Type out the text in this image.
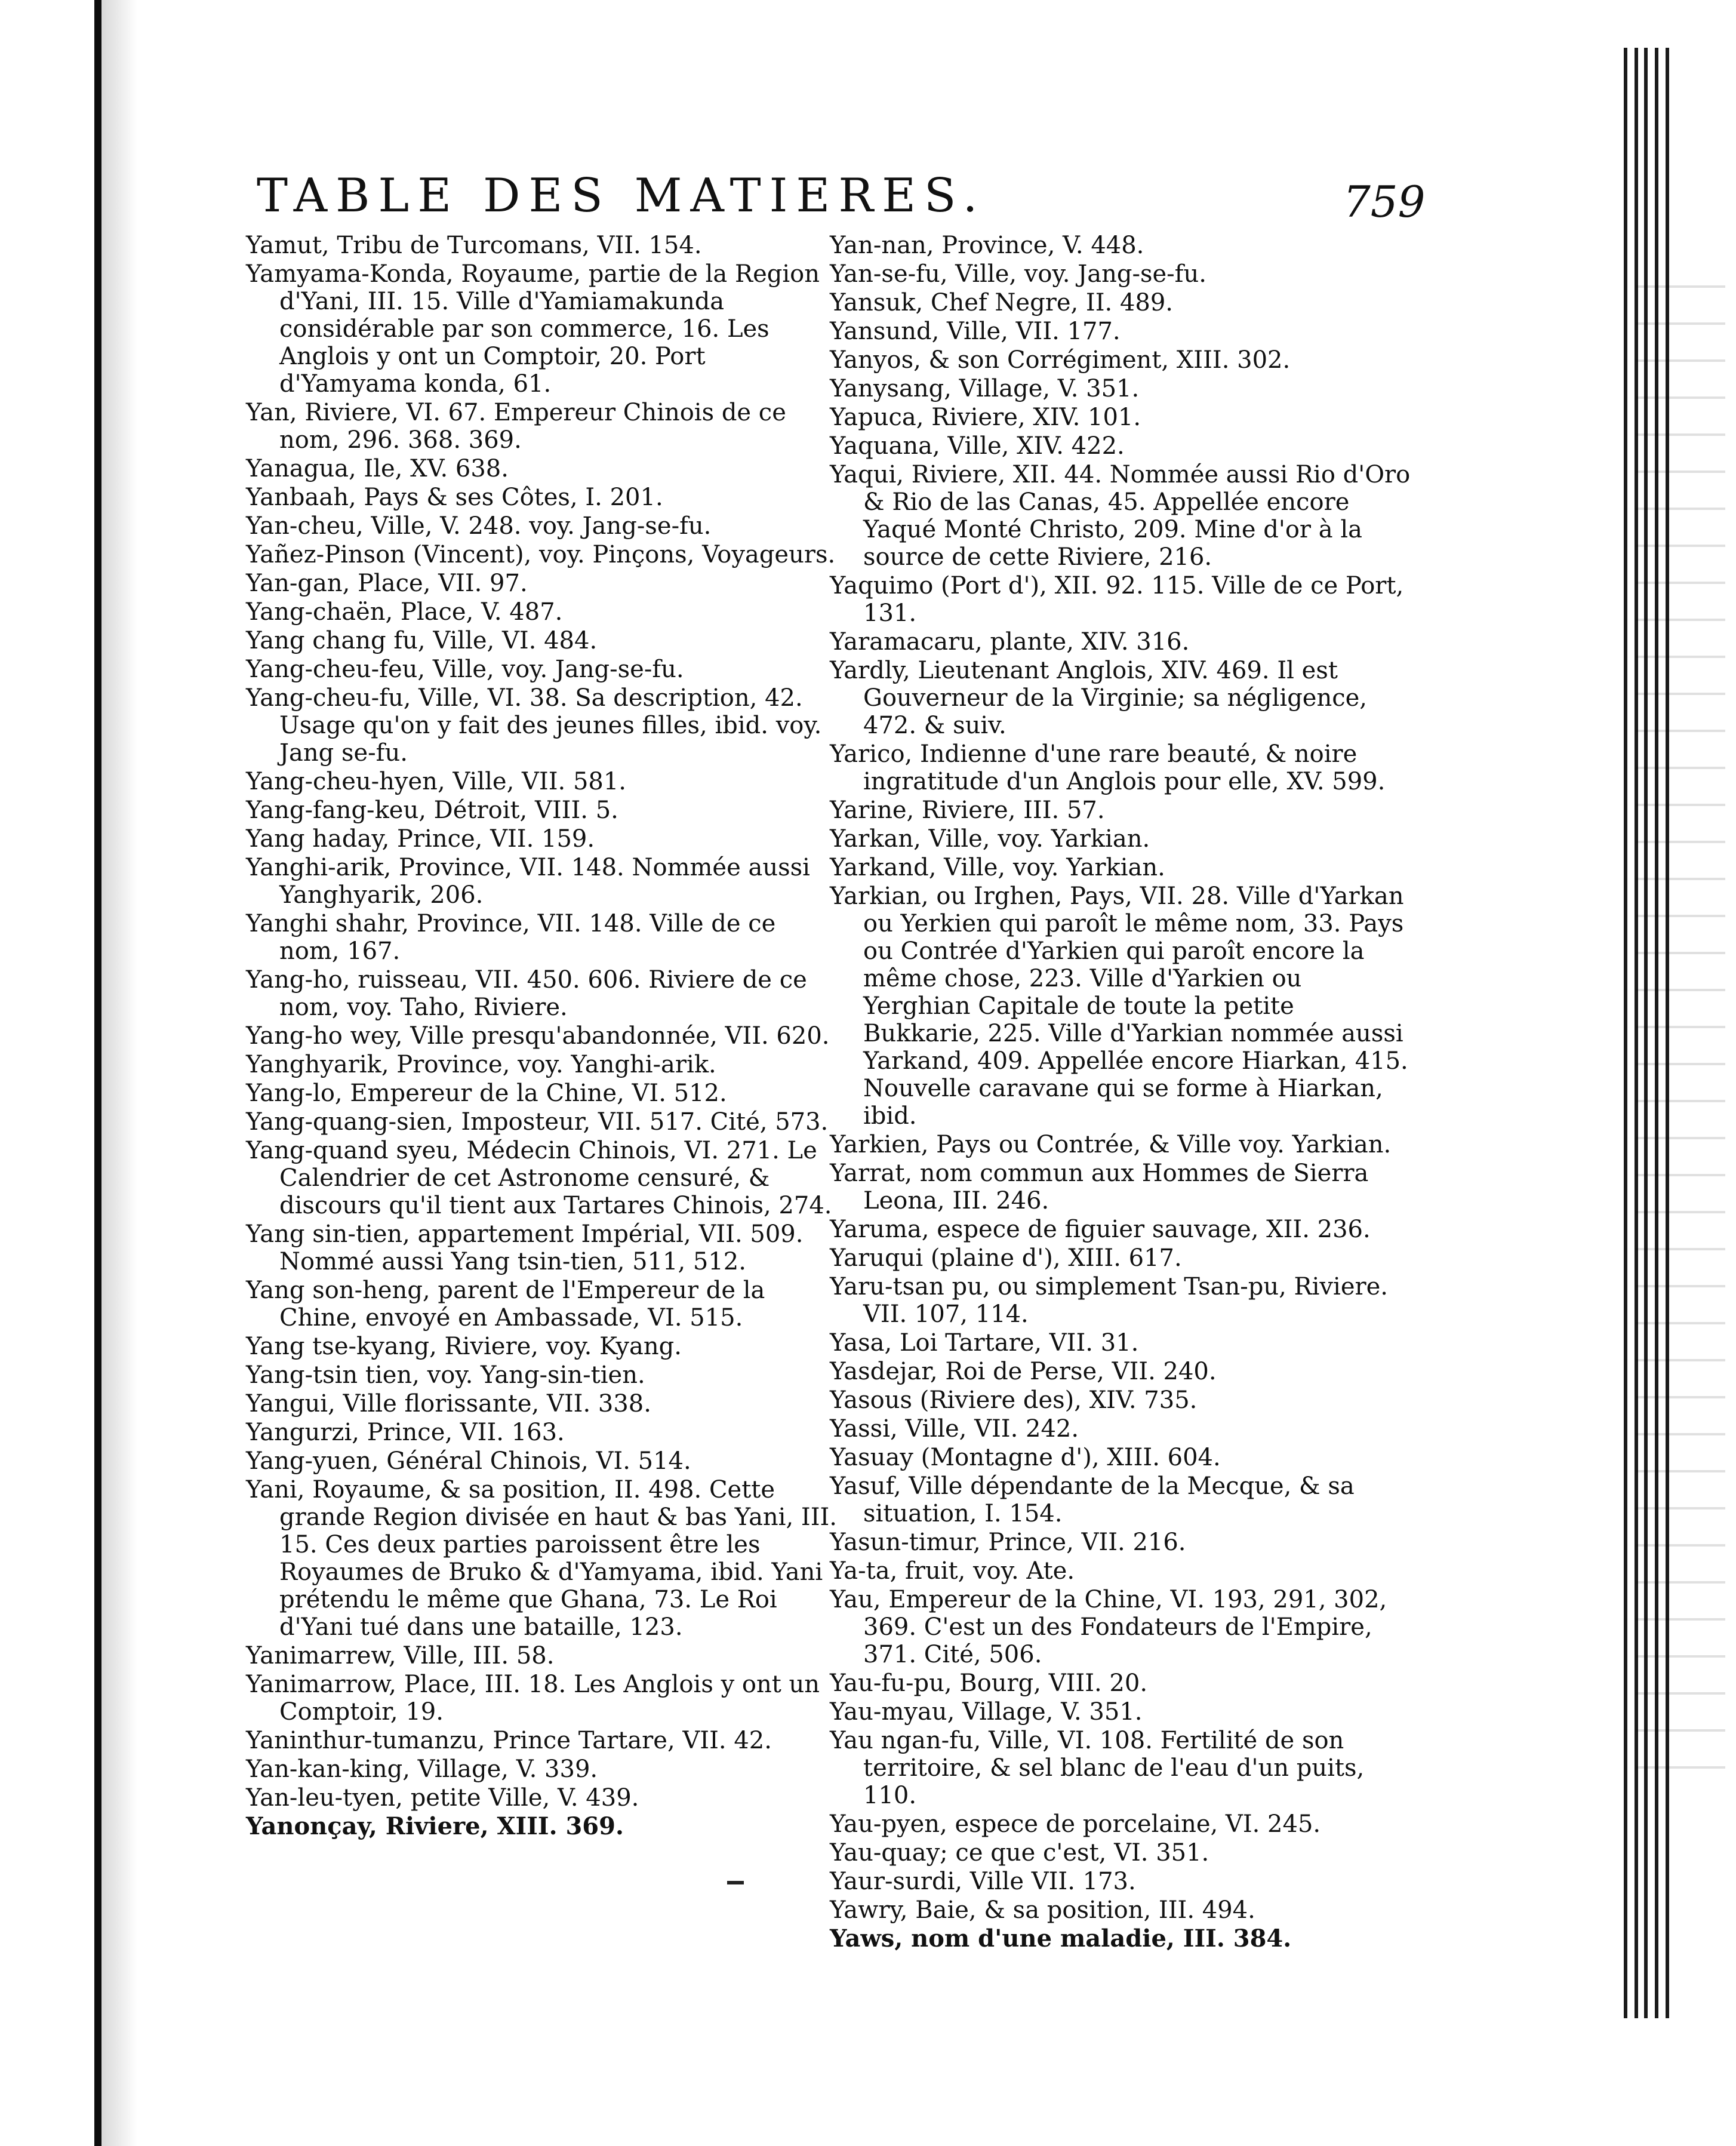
TABLE DES MATIERES.	759
Yamut, Tribu de Turcomans, VII. 154.
Yamyama-Konda, Royaume, partie de la Region d'Yani, III. 15. Ville d'Yamiamakunda considérable par son commerce, 16. Les Anglois y ont un Comptoir, 20. Port d'Yamyama konda, 61.
Yan, Riviere, VI. 67. Empereur Chinois de ce nom, 296. 368. 369.
Yanagua, Ile, XV. 638.
Yanbaah, Pays & ses Côtes, I. 201.
Yan-cheu, Ville, V. 248. voy. Jang-se-fu.
Yañez-Pinson (Vincent), voy. Pinçons, Voyageurs.
Yan-gan, Place, VII. 97.
Yang-chaën, Place, V. 487.
Yang chang fu, Ville, VI. 484.
Yang-cheu-feu, Ville, voy. Jang-se-fu.
Yang-cheu-fu, Ville, VI. 38. Sa description, 42. Usage qu'on y fait des jeunes filles, ibid. voy. Jang se-fu.
Yang-cheu-hyen, Ville, VII. 581.
Yang-fang-keu, Détroit, VIII. 5.
Yang haday, Prince, VII. 159.
Yanghi-arik, Province, VII. 148. Nommée aussi Yanghyarik, 206.
Yanghi shahr, Province, VII. 148. Ville de ce nom, 167.
Yang-ho, ruisseau, VII. 450. 606. Riviere de ce nom, voy. Taho, Riviere.
Yang-ho wey, Ville presqu'abandonnée, VII. 620.
Yanghyarik, Province, voy. Yanghi-arik.
Yang-lo, Empereur de la Chine, VI. 512.
Yang-quang-sien, Imposteur, VII. 517. Cité, 573.
Yang-quand syeu, Médecin Chinois, VI. 271. Le Calendrier de cet Astronome censuré, & discours qu'il tient aux Tartares Chinois, 274.
Yang sin-tien, appartement Impérial, VII. 509. Nommé aussi Yang tsin-tien, 511, 512.
Yang son-heng, parent de l'Empereur de la Chine, envoyé en Ambassade, VI. 515.
Yang tse-kyang, Riviere, voy. Kyang.
Yang-tsin tien, voy. Yang-sin-tien.
Yangui, Ville florissante, VII. 338.
Yangurzi, Prince, VII. 163.
Yang-yuen, Général Chinois, VI. 514.
Yani, Royaume, & sa position, II. 498. Cette grande Region divisée en haut & bas Yani, III. 15. Ces deux parties paroissent être les Royaumes de Bruko & d'Yamyama, ibid. Yani prétendu le même que Ghana, 73. Le Roi d'Yani tué dans une bataille, 123.
Yanimarrew, Ville, III. 58.
Yanimarrow, Place, III. 18. Les Anglois y ont un Comptoir, 19.
Yaninthur-tumanzu, Prince Tartare, VII. 42.
Yan-kan-king, Village, V. 339.
Yan-leu-tyen, petite Ville, V. 439.
Yanonçay, Riviere, XIII. 369.
Yan-nan, Province, V. 448.
Yan-se-fu, Ville, voy. Jang-se-fu.
Yansuk, Chef Negre, II. 489.
Yansund, Ville, VII. 177.
Yanyos, & son Corrégiment, XIII. 302.
Yanysang, Village, V. 351.
Yapuca, Riviere, XIV. 101.
Yaquana, Ville, XIV. 422.
Yaqui, Riviere, XII. 44. Nommée aussi Rio d'Oro & Rio de las Canas, 45. Appellée encore Yaqué Monté Christo, 209. Mine d'or à la source de cette Riviere, 216.
Yaquimo (Port d'), XII. 92. 115. Ville de ce Port, 131.
Yaramacaru, plante, XIV. 316.
Yardly, Lieutenant Anglois, XIV. 469. Il est Gouverneur de la Virginie; sa négligence, 472. & suiv.
Yarico, Indienne d'une rare beauté, & noire ingratitude d'un Anglois pour elle, XV. 599.
Yarine, Riviere, III. 57.
Yarkan, Ville, voy. Yarkian.
Yarkand, Ville, voy. Yarkian.
Yarkian, ou Irghen, Pays, VII. 28. Ville d'Yarkan ou Yerkien qui paroît le même nom, 33. Pays ou Contrée d'Yarkien qui paroît encore la même chose, 223. Ville d'Yarkien ou Yerghian Capitale de toute la petite Bukkarie, 225. Ville d'Yarkian nommée aussi Yarkand, 409. Appellée encore Hiarkan, 415. Nouvelle caravane qui se forme à Hiarkan, ibid.
Yarkien, Pays ou Contrée, & Ville voy. Yarkian.
Yarrat, nom commun aux Hommes de Sierra Leona, III. 246.
Yaruma, espece de figuier sauvage, XII. 236.
Yaruqui (plaine d'), XIII. 617.
Yaru-tsan pu, ou simplement Tsan-pu, Riviere. VII. 107, 114.
Yasa, Loi Tartare, VII. 31.
Yasdejar, Roi de Perse, VII. 240.
Yasous (Riviere des), XIV. 735.
Yassi, Ville, VII. 242.
Yasuay (Montagne d'), XIII. 604.
Yasuf, Ville dépendante de la Mecque, & sa situation, I. 154.
Yasun-timur, Prince, VII. 216.
Ya-ta, fruit, voy. Ate.
Yau, Empereur de la Chine, VI. 193, 291, 302, 369. C'est un des Fondateurs de l'Empire, 371. Cité, 506.
Yau-fu-pu, Bourg, VIII. 20.
Yau-myau, Village, V. 351.
Yau ngan-fu, Ville, VI. 108. Fertilité de son territoire, & sel blanc de l'eau d'un puits, 110.
Yau-pyen, espece de porcelaine, VI. 245.
Yau-quay; ce que c'est, VI. 351.
Yaur-surdi, Ville VII. 173.
Yawry, Baie, & sa position, III. 494.
Yaws, nom d'une maladie, III. 384.
